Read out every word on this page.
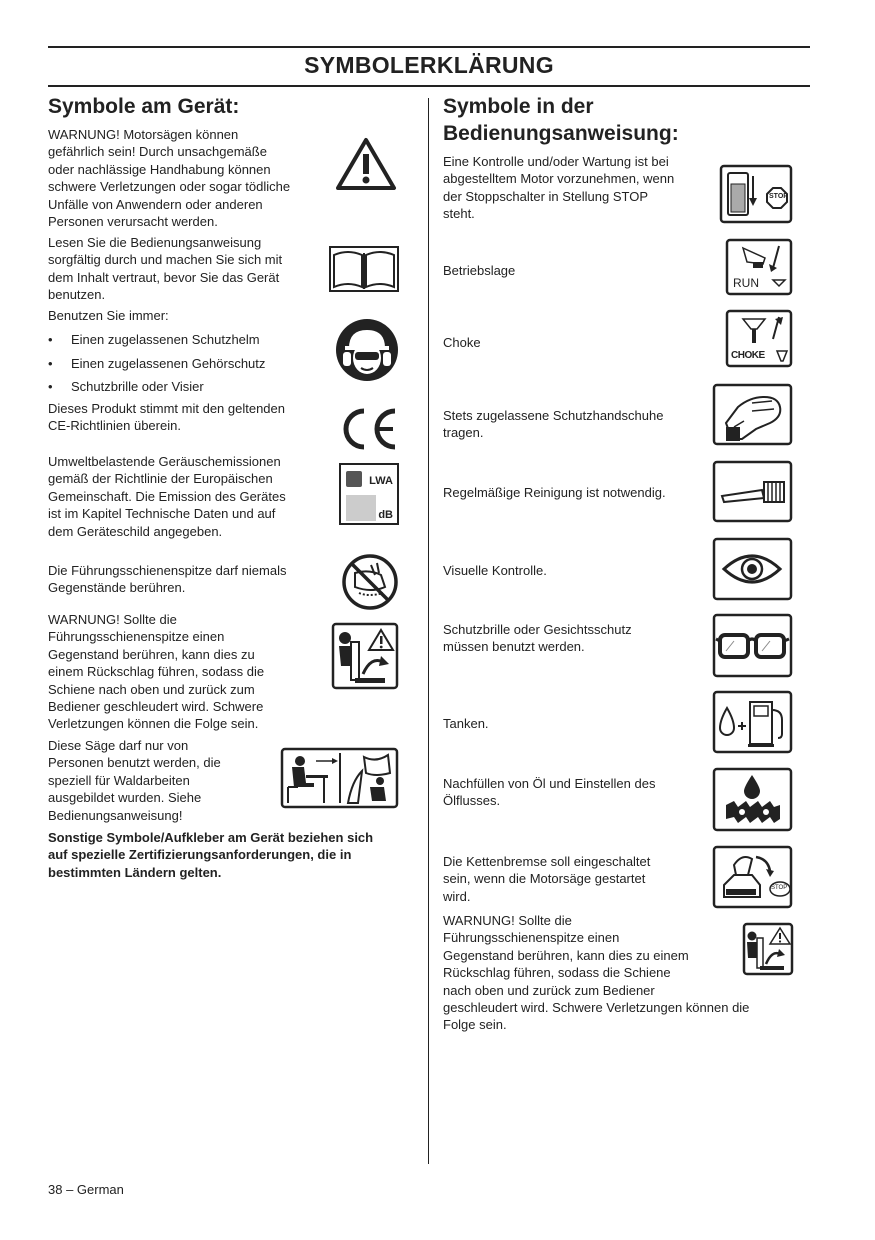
SYMBOLERKLÄRUNG
Symbole am Gerät:
WARNUNG! Motorsägen können
gefährlich sein! Durch unsachgemäße
oder nachlässige Handhabung können
schwere Verletzungen oder sogar tödliche
Unfälle von Anwendern oder anderen
Personen verursacht werden.
Lesen Sie die Bedienungsanweisung
sorgfältig durch und machen Sie sich mit
dem Inhalt vertraut, bevor Sie das Gerät
benutzen.
Benutzen Sie immer:
• Einen zugelassenen Schutzhelm
• Einen zugelassenen Gehörschutz
• Schutzbrille oder Visier
Dieses Produkt stimmt mit den geltenden
CE-Richtlinien überein.
Umweltbelastende Geräuschemissionen
gemäß der Richtlinie der Europäischen
Gemeinschaft. Die Emission des Gerätes
ist im Kapitel Technische Daten und auf
dem Geräteschild angegeben.
LWA
dB
Die Führungsschienenspitze darf niemals
Gegenstände berühren.
WARNUNG! Sollte die
Führungsschienenspitze einen
Gegenstand berühren, kann dies zu
einem Rückschlag führen, sodass die
Schiene nach oben und zurück zum
Bediener geschleudert wird. Schwere
Verletzungen können die Folge sein.
Diese Säge darf nur von
Personen benutzt werden, die
speziell für Waldarbeiten
ausgebildet wurden. Siehe
Bedienungsanweisung!
Sonstige Symbole/Aufkleber am Gerät beziehen sich
auf spezielle Zertifizierungsanforderungen, die in
bestimmten Ländern gelten.
Symbole in der
Bedienungsanweisung:
Eine Kontrolle und/oder Wartung ist bei
abgestelltem Motor vorzunehmen, wenn
der Stoppschalter in Stellung STOP
steht.
STOP
Betriebslage
RUN
Choke
CHOKE
Stets zugelassene Schutzhandschuhe
tragen.
Regelmäßige Reinigung ist notwendig.
Visuelle Kontrolle.
Schutzbrille oder Gesichtsschutz
müssen benutzt werden.
Tanken.
Nachfüllen von Öl und Einstellen des
Ölflusses.
Die Kettenbremse soll eingeschaltet
sein, wenn die Motorsäge gestartet
wird.
STOP
WARNUNG! Sollte die
Führungsschienenspitze einen
Gegenstand berühren, kann dies zu einem
Rückschlag führen, sodass die Schiene
nach oben und zurück zum Bediener
geschleudert wird. Schwere Verletzungen können die
Folge sein.
38 – German
